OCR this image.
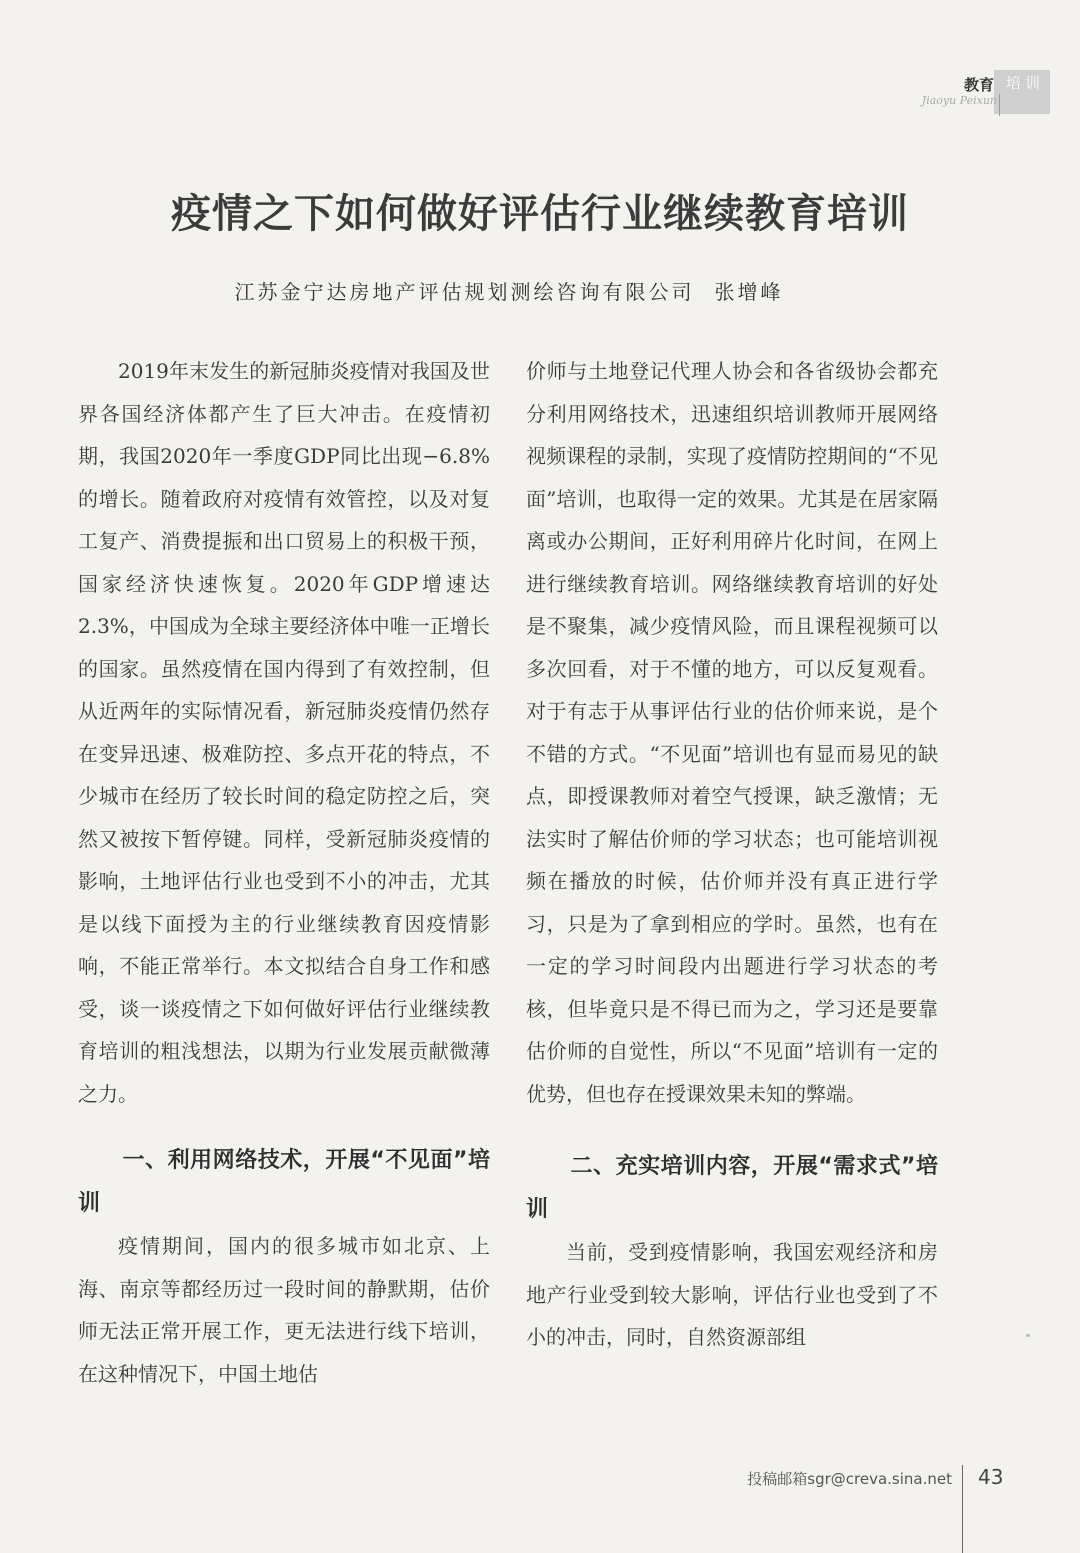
教育 培训
Jiaoyu Peixun
疫情之下如何做好评估行业继续教育培训
江苏金宁达房地产评估规划测绘咨询有限公司 张增峰

2019年末发生的新冠肺炎疫情对我国及世界各国经济体都产生了巨大冲击。在疫情初期，我国2020年一季度GDP同比出现−6.8%的增长。随着政府对疫情有效管控，以及对复工复产、消费提振和出口贸易上的积极干预，国家经济快速恢复。2020年GDP增速达2.3%，中国成为全球主要经济体中唯一正增长的国家。虽然疫情在国内得到了有效控制，但从近两年的实际情况看，新冠肺炎疫情仍然存在变异迅速、极难防控、多点开花的特点，不少城市在经历了较长时间的稳定防控之后，突然又被按下暂停键。同样，受新冠肺炎疫情的影响，土地评估行业也受到不小的冲击，尤其是以线下面授为主的行业继续教育因疫情影响，不能正常举行。本文拟结合自身工作和感受，谈一谈疫情之下如何做好评估行业继续教育培训的粗浅想法，以期为行业发展贡献微薄之力。

一、利用网络技术，开展“不见面”培训

疫情期间，国内的很多城市如北京、上海、南京等都经历过一段时间的静默期，估价师无法正常开展工作，更无法进行线下培训，在这种情况下，中国土地估

价师与土地登记代理人协会和各省级协会都充分利用网络技术，迅速组织培训教师开展网络视频课程的录制，实现了疫情防控期间的“不见面”培训，也取得一定的效果。尤其是在居家隔离或办公期间，正好利用碎片化时间，在网上进行继续教育培训。网络继续教育培训的好处是不聚集，减少疫情风险，而且课程视频可以多次回看，对于不懂的地方，可以反复观看。对于有志于从事评估行业的估价师来说，是个不错的方式。“不见面”培训也有显而易见的缺点，即授课教师对着空气授课，缺乏激情；无法实时了解估价师的学习状态；也可能培训视频在播放的时候，估价师并没有真正进行学习，只是为了拿到相应的学时。虽然，也有在一定的学习时间段内出题进行学习状态的考核，但毕竟只是不得已而为之，学习还是要靠估价师的自觉性，所以“不见面”培训有一定的优势，但也存在授课效果未知的弊端。

二、充实培训内容，开展“需求式”培训

当前，受到疫情影响，我国宏观经济和房地产行业受到较大影响，评估行业也受到了不小的冲击，同时，自然资源部组

投稿邮箱sgr@creva.sina.net 43
